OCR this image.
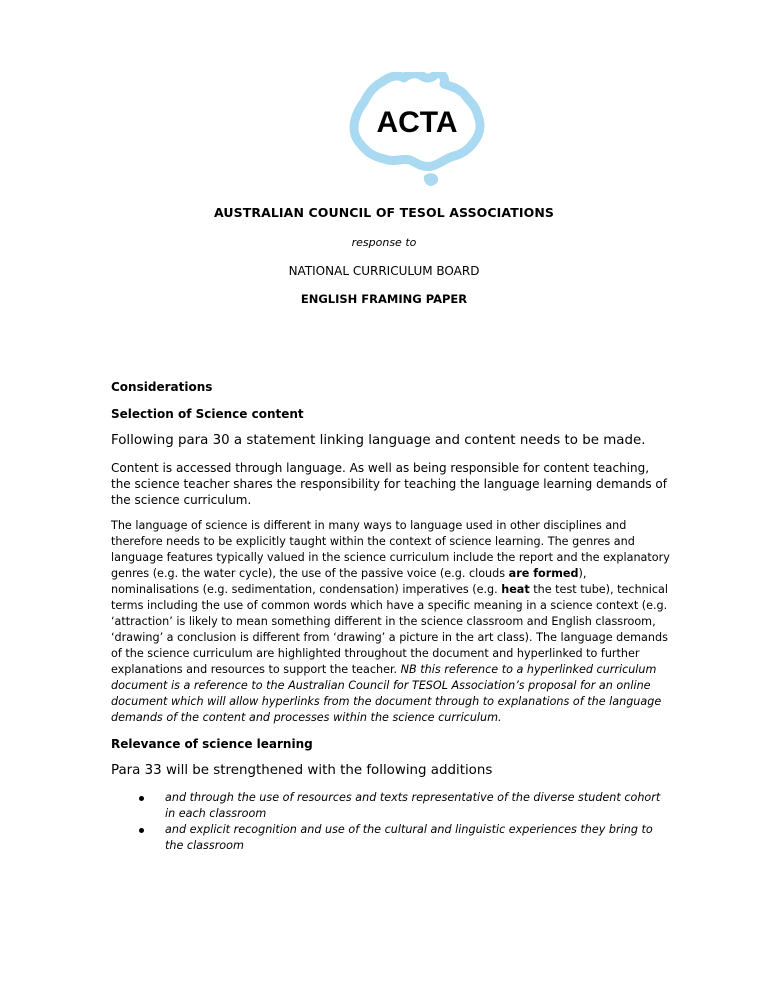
ACTA
AUSTRALIAN COUNCIL OF TESOL ASSOCIATIONS
response to
NATIONAL CURRICULUM BOARD
ENGLISH FRAMING PAPER
Considerations
Selection of Science content
Following para 30 a statement linking language and content needs to be made.
Content is accessed through language. As well as being responsible for content teaching, the science teacher shares the responsibility for teaching the language learning demands of the science curriculum.
The language of science is different in many ways to language used in other disciplines and therefore needs to be explicitly taught within the context of science learning. The genres and language features typically valued in the science curriculum include the report and the explanatory genres (e.g. the water cycle), the use of the passive voice (e.g. clouds are formed), nominalisations (e.g. sedimentation, condensation) imperatives (e.g. heat the test tube), technical terms including the use of common words which have a specific meaning in a science context (e.g. ‘attraction’ is likely to mean something different in the science classroom and English classroom, ‘drawing’ a conclusion is different from ‘drawing’ a picture in the art class). The language demands of the science curriculum are highlighted throughout the document and hyperlinked to further explanations and resources to support the teacher. NB this reference to a hyperlinked curriculum document is a reference to the Australian Council for TESOL Association’s proposal for an online document which will allow hyperlinks from the document through to explanations of the language demands of the content and processes within the science curriculum.
Relevance of science learning
Para 33 will be strengthened with the following additions
and through the use of resources and texts representative of the diverse student cohort in each classroom
and explicit recognition and use of the cultural and linguistic experiences they bring to the classroom
